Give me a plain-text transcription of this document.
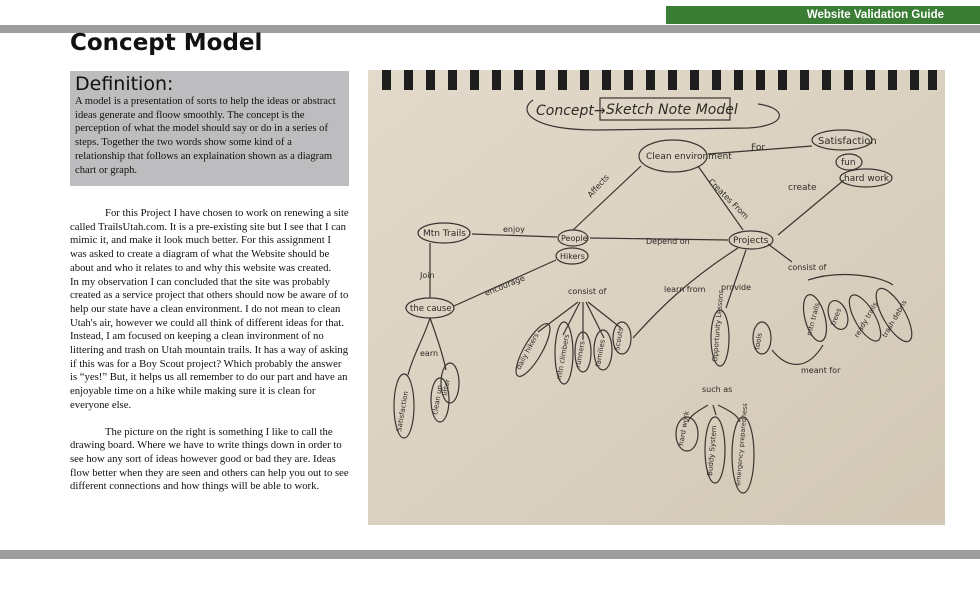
Website Validation Guide
Concept Model
Definition:

A model is a presentation of sorts to help the ideas or abstract ideas generate and floow smoothly. The concept is the perception of what the model should say or do in a series of steps. Together the two words show some kind of a relationship that follows an explaination shown as a diagram chart or graph.

For this Project I have chosen to work on renewing a site called TrailsUtah.com. It is a pre-existing site but I see that I can mimic it, and make it look much better. For this assignment I was asked to create a diagram of what the Website should be about and who it relates to and why this website was created.

In my observation I can concluded that the site was probably created as a service project that others should now be aware of to help our state have a clean environment. I do not mean to clean Utah's air, however we could all think of different ideas for that. Instead, I am focused on keeping a clean invironment of no littering and trash on Utah mountain trails. It has a way of asking if this was for a Boy Scout project? Which probably the answer is “yes!” But, it helps us all remember to do our part and have an enjoyable time on a hike while making sure it is clean for everyone else.

The picture on the right is something I like to call the drawing board. Where we have to write things down in order to see how any sort of ideas however good or bad they are. Ideas flow better when they are seen and others can help you out to see different connections and how things will be able to work.

Concept→ Sketch Note Model
Clean environment
Satisfaction
fun
hard work
For
create
Affects	Creates From
Mtn Trails	People
Hikers
Projects
enjoy
Depend on
Join
the cause
encourage	consist of
daily hikers mtn climbers runners families Scouts
learn from provide
Opportunity Lessons	tools
consist of
mtn trails trees ready trails trash debris
meant for
earn
Satisfaction
litter
clean up	such as
hard work Buddy System emergency preparedness
